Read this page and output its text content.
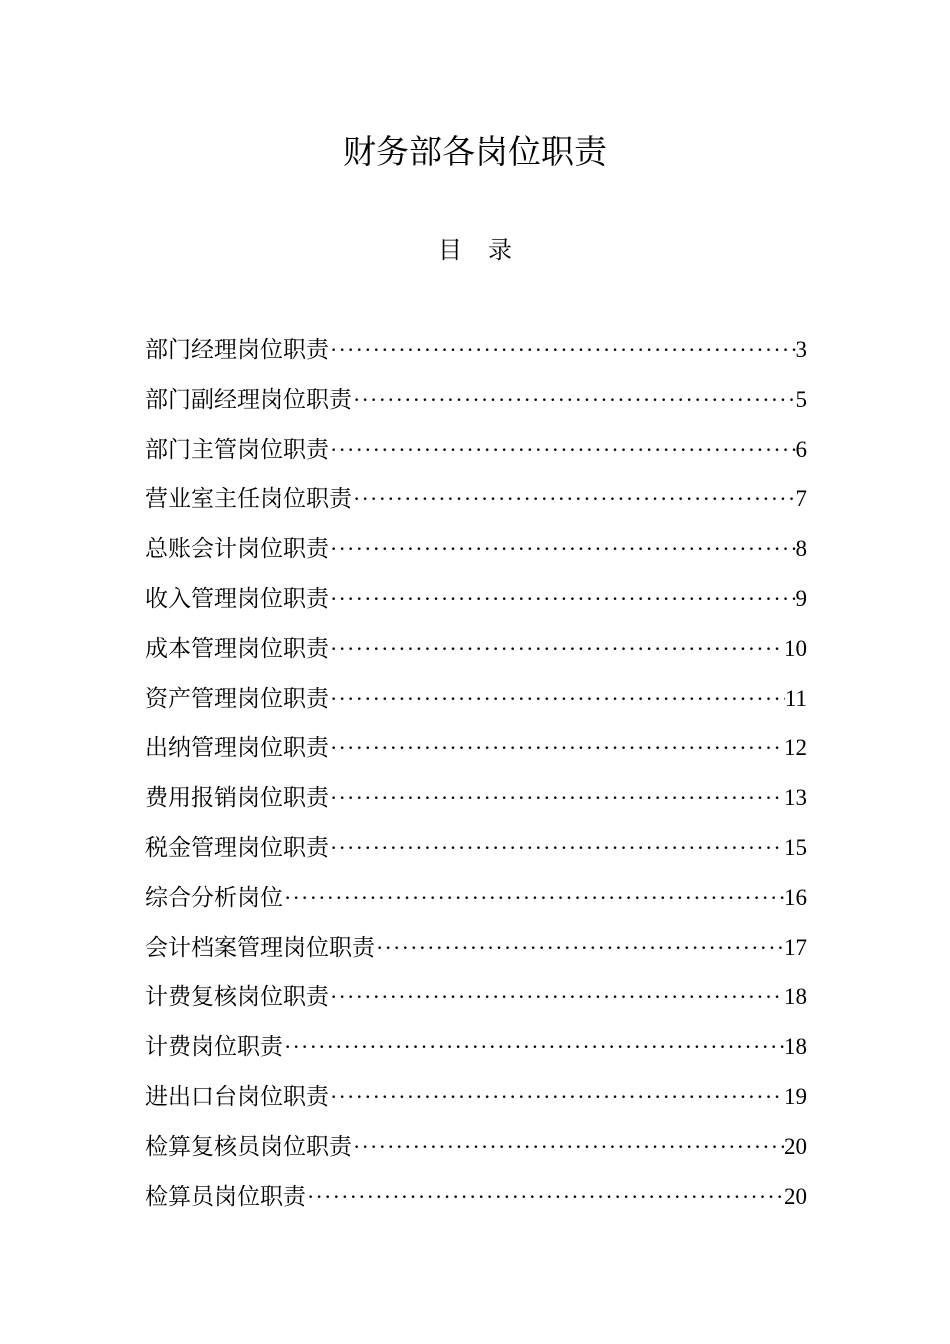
财务部各岗位职责
目录
部门经理岗位职责 ·····	3
部门副经理岗位职责 ·····	5
部门主管岗位职责 ·····	6
营业室主任岗位职责 ·····	7
总账会计岗位职责 ·····	8
收入管理岗位职责 ·····	9
成本管理岗位职责 ·····	10
资产管理岗位职责 ·····	11
出纳管理岗位职责 ·····	12
费用报销岗位职责 ·····	13
税金管理岗位职责 ·····	15
综合分析岗位 ·····	16
会计档案管理岗位职责 ·····	17
计费复核岗位职责 ·····	18
计费岗位职责 ·····	18
进出口台岗位职责 ·····	19
检算复核员岗位职责 ·····	20
检算员岗位职责 ·····	20
